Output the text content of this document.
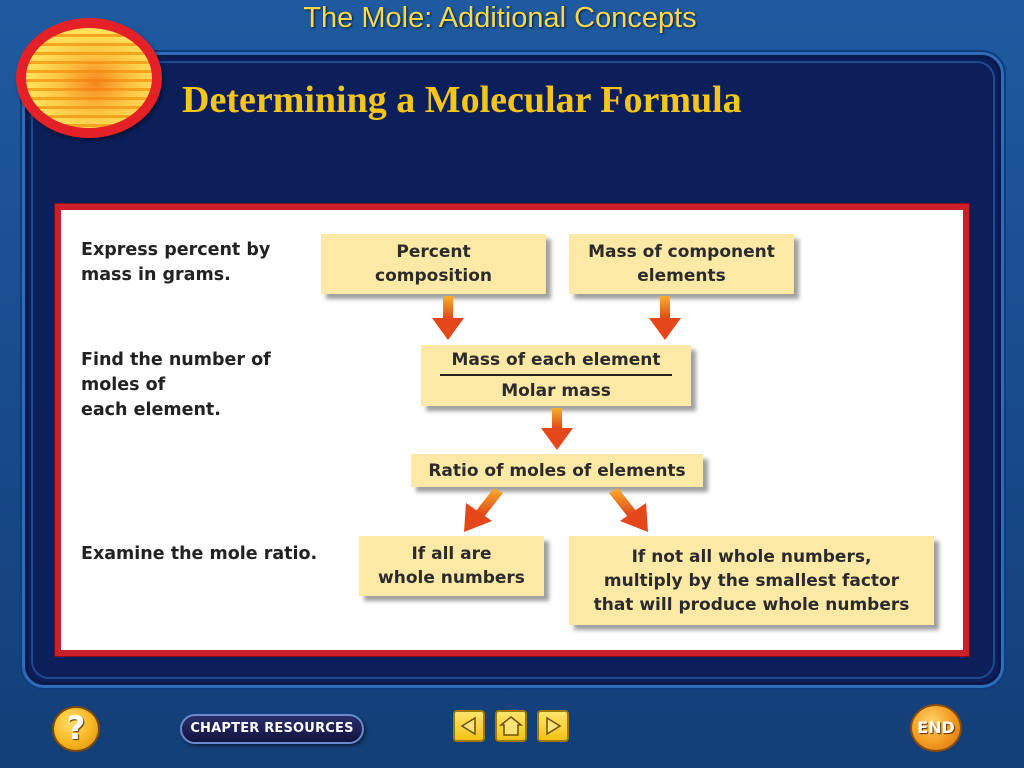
The Mole: Additional Concepts
Determining a Molecular Formula
Express percent by
mass in grams.
Find the number of
moles of
each element.
Examine the mole ratio.
Percent
composition
Mass of component
elements
Mass of each element
Molar mass
Ratio of moles of elements
If all are
whole numbers
If not all whole numbers,
multiply by the smallest factor
that will produce whole numbers
?	CHAPTER RESOURCES	END
